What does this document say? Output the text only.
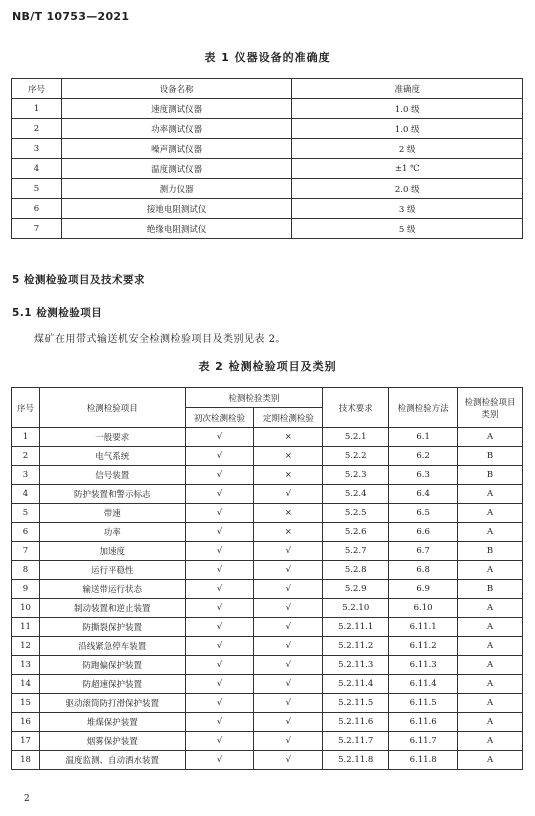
NB/T 10753—2021
表 1 仪器设备的准确度
序号	设备名称	准确度
1	速度测试仪器	1.0 级
2	功率测试仪器	1.0 级
3	噪声测试仪器	2 级
4	温度测试仪器	±1 ℃
5	测力仪器	2.0 级
6	接地电阻测试仪	3 级
7	绝缘电阻测试仪	5 级
5 检测检验项目及技术要求
5.1 检测检验项目
煤矿在用带式输送机安全检测检验项目及类别见表 2。
表 2 检测检验项目及类别
序号	检测检验项目	检测检验类别		技术要求	检测检验方法	检测检验项目类别
		初次检测检验	定期检测检验			
1	一般要求	√	×	5.2.1	6.1	A
2	电气系统	√	×	5.2.2	6.2	B
3	信号装置	√	×	5.2.3	6.3	B
4	防护装置和警示标志	√	√	5.2.4	6.4	A
5	带速	√	×	5.2.5	6.5	A
6	功率	√	×	5.2.6	6.6	A
7	加速度	√	√	5.2.7	6.7	B
8	运行平稳性	√	√	5.2.8	6.8	A
9	输送带运行状态	√	√	5.2.9	6.9	B
10	制动装置和逆止装置	√	√	5.2.10	6.10	A
11	防撕裂保护装置	√	√	5.2.11.1	6.11.1	A
12	沿线紧急停车装置	√	√	5.2.11.2	6.11.2	A
13	防跑偏保护装置	√	√	5.2.11.3	6.11.3	A
14	防超速保护装置	√	√	5.2.11.4	6.11.4	A
15	驱动滚筒防打滑保护装置	√	√	5.2.11.5	6.11.5	A
16	堆煤保护装置	√	√	5.2.11.6	6.11.6	A
17	烟雾保护装置	√	√	5.2.11.7	6.11.7	A
18	温度监测、自动洒水装置	√	√	5.2.11.8	6.11.8	A
2
